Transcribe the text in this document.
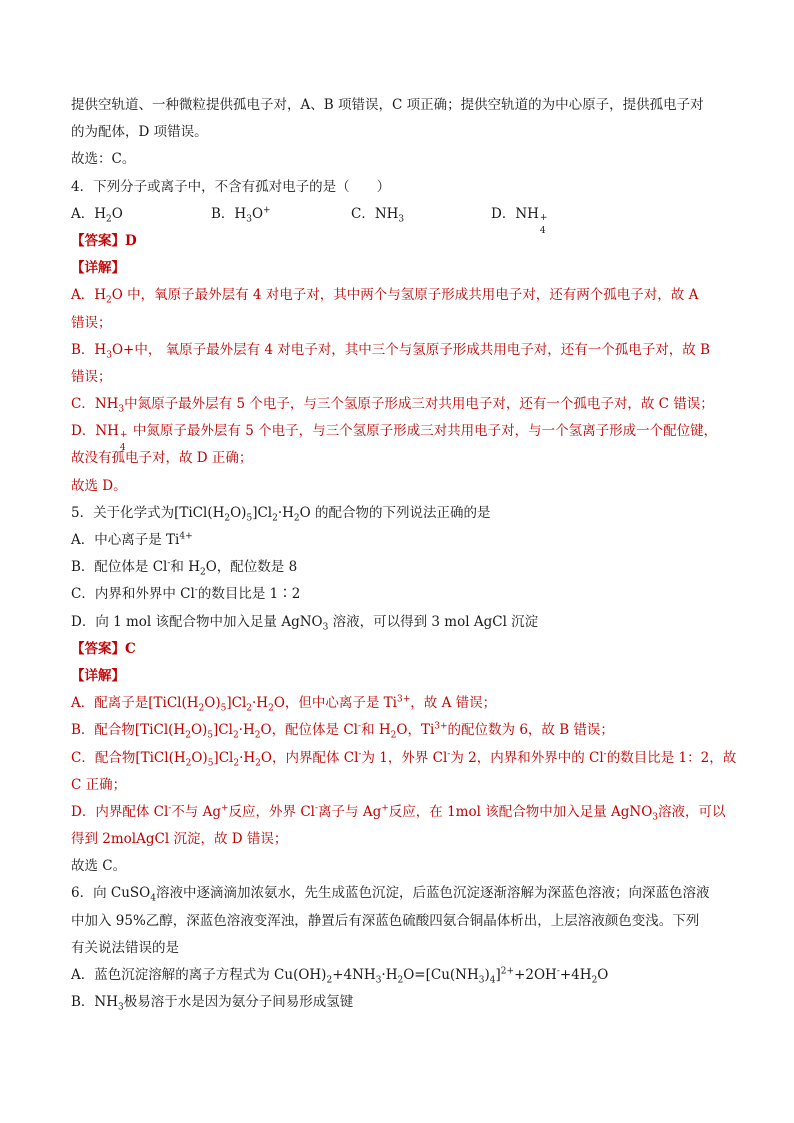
提供空轨道、一种微粒提供孤电子对，A、B 项错误，C 项正确；提供空轨道的为中心原子，提供孤电子对
的为配体，D 项错误。
故选：C。
4．下列分子或离子中，不含有孤对电子的是（　　）
A．$H_2O$	B．$H_3O^+$	C．$NH_3$	D．NH +
4
【答案】D
【详解】
A．$H_2O$ 中，氧原子最外层有 4 对电子对，其中两个与氢原子形成共用电子对，还有两个孤电子对，故 A
错误；
B．$H_3O+$中， 氧原子最外层有 4 对电子对，其中三个与氢原子形成共用电子对，还有一个孤电子对，故 B
错误；
C．$NH_3$中氮原子最外层有 5 个电子，与三个氢原子形成三对共用电子对，还有一个孤电子对，故 C 错误；
D．NH +
4
中氮原子最外层有 5 个电子，与三个氢原子形成三对共用电子对，与一个氢离子形成一个配位键，
故没有孤电子对，故 D 正确；
故选 D。
5．关于化学式为$[TiCl(H_2O)_5]Cl_2\cdot H_2O$ 的配合物的下列说法正确的是
A．中心离子是 $Ti^{4+}$
B．配位体是 Cl-和 $H_2O$，配位数是 8
C．内界和外界中 Cl-的数目比是 1∶2
D．向 1 mol 该配合物中加入足量 AgNO$_3$ 溶液，可以得到 3 mol AgCl 沉淀
【答案】C
【详解】
A．配离子是$[TiCl(H_2O)_5]Cl_2\cdot H_2O$，但中心离子是 $Ti^{3+}$，故 A 错误；
B．配合物$[TiCl(H_2O)_5]Cl_2\cdot H_2O$，配位体是 Cl-和 $H_2O$，$Ti^{3+}$的配位数为 6，故 B 错误；
C．配合物$[TiCl(H_2O)_5]Cl_2\cdot H_2O$，内界配体 Cl-为 1，外界 Cl-为 2，内界和外界中的 Cl-的数目比是 1：2，故
C 正确；
D．内界配体 Cl-不与 Ag+反应，外界 Cl-离子与 Ag+反应，在 1mol 该配合物中加入足量 AgNO$_3$溶液，可以
得到 2molAgCl 沉淀，故 D 错误；
故选 C。
6．向 CuSO$_4$溶液中逐滴滴加浓氨水，先生成蓝色沉淀，后蓝色沉淀逐渐溶解为深蓝色溶液；向深蓝色溶液
中加入 95%乙醇，深蓝色溶液变浑浊，静置后有深蓝色硫酸四氨合铜晶体析出，上层溶液颜色变浅。下列
有关说法错误的是
A．蓝色沉淀溶解的离子方程式为 $Cu(OH)_2+4NH_3\cdot H_2O=[Cu(NH_3)_4]^{2+}+2OH^-+4H_2O$
B．$NH_3$极易溶于水是因为氨分子间易形成氢键
